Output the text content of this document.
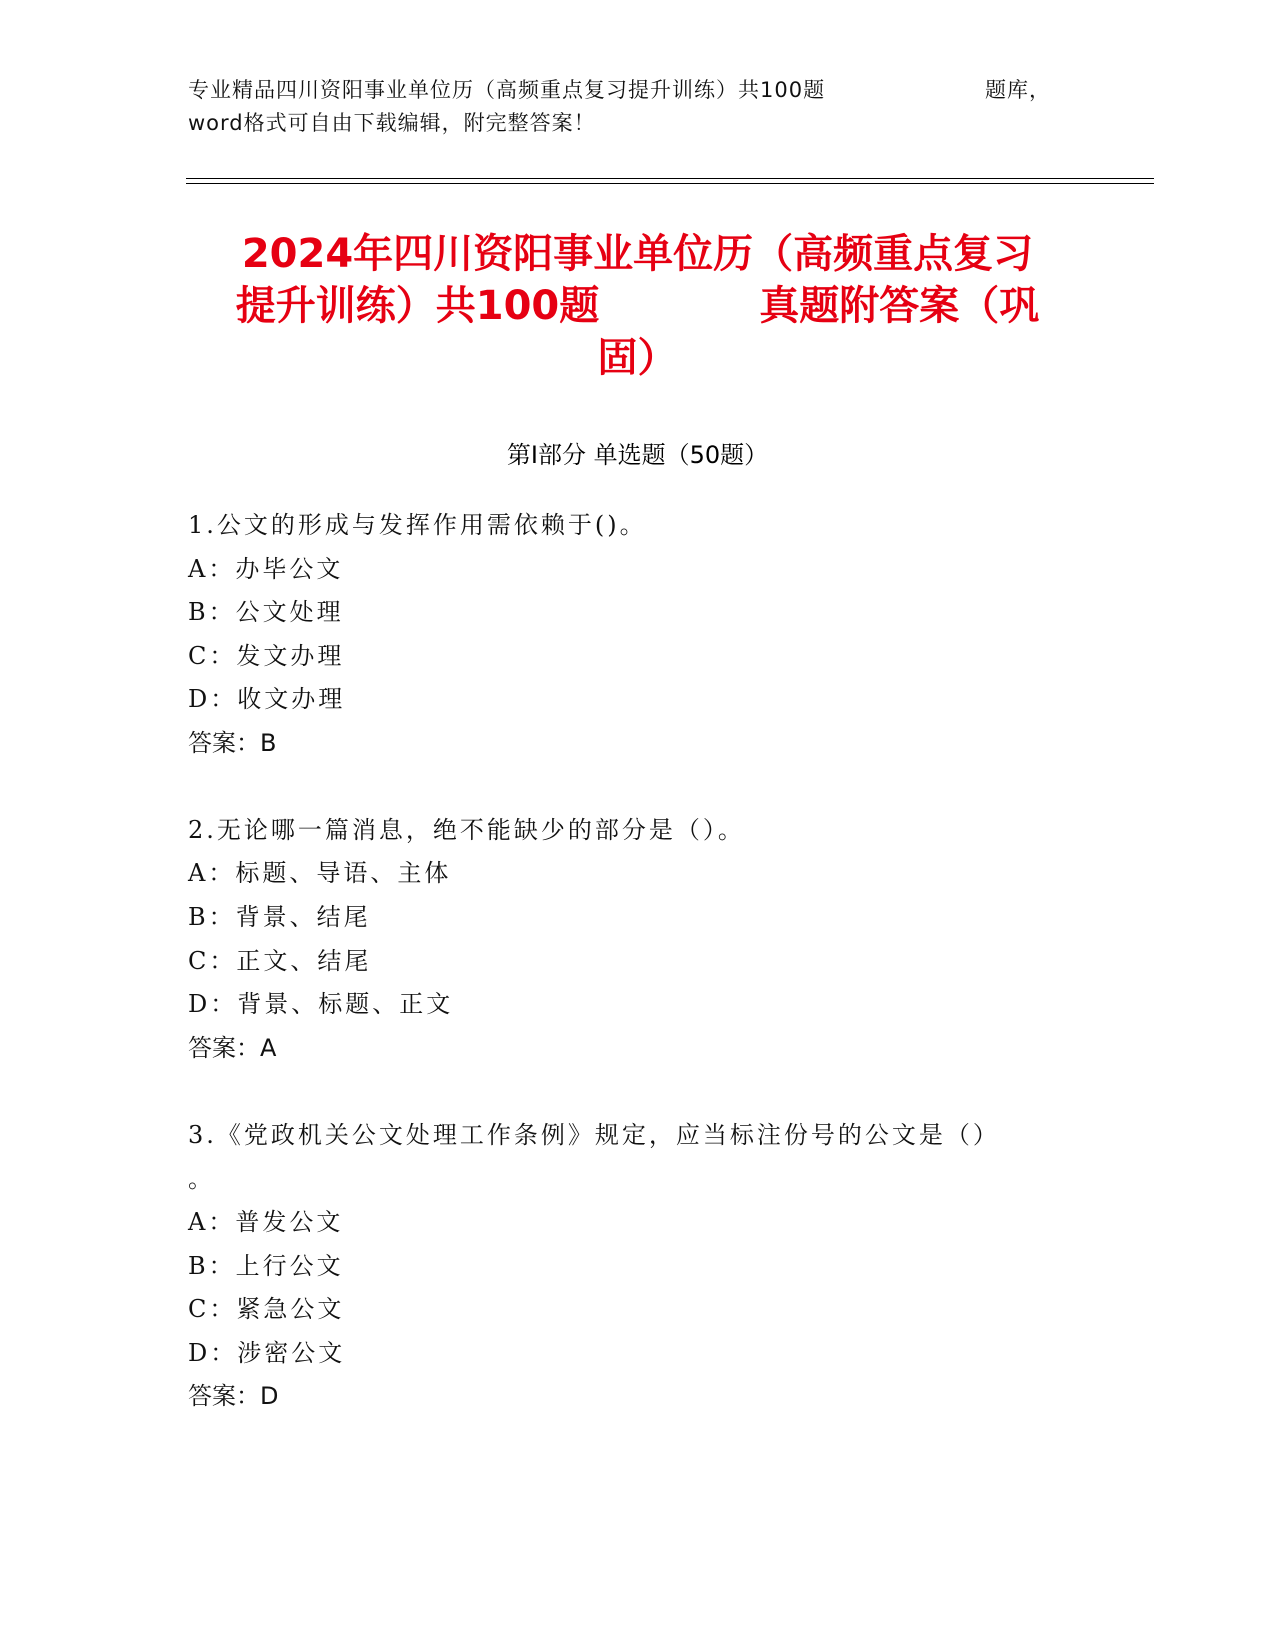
专业精品四川资阳事业单位历（高频重点复习提升训练）共100题	题库，
word格式可自由下载编辑，附完整答案！
2024年四川资阳事业单位历（高频重点复习
提升训练）共100题　　　　真题附答案（巩
固）
第Ⅰ部分 单选题（50题）
1.公文的形成与发挥作用需依赖于()。
A：办毕公文
B：公文处理
C：发文办理
D：收文办理
答案：B
2.无论哪一篇消息，绝不能缺少的部分是（）。
A：标题、导语、主体
B：背景、结尾
C：正文、结尾
D：背景、标题、正文
答案：A
3.《党政机关公文处理工作条例》规定，应当标注份号的公文是（）
。
A：普发公文
B：上行公文
C：紧急公文
D：涉密公文
答案：D
